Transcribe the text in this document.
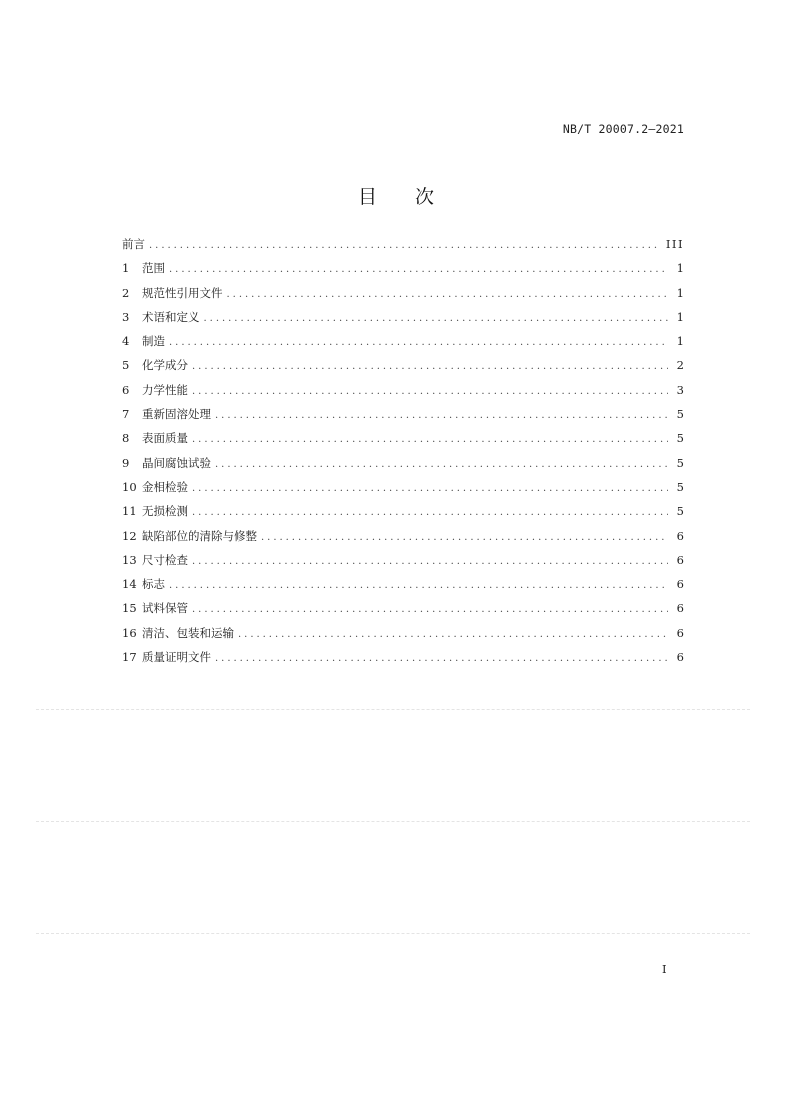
NB/T 20007.2—2021
目次
前言 . . .	III
1	范围 . . .	1
2	规范性引用文件 . . .	1
3	术语和定义 . . .	1
4	制造 . . .	1
5	化学成分 . . .	2
6	力学性能 . . .	3
7	重新固溶处理 . . .	5
8	表面质量 . . .	5
9	晶间腐蚀试验 . . .	5
10 金相检验 . . .	5
11 无损检测 . . .	5
12 缺陷部位的清除与修整 . . .	6
13 尺寸检查 . . .	6
14 标志 . . .	6
15 试料保管 . . .	6
16 清洁、包装和运输 . . .	6
17 质量证明文件 . . .	6
I
